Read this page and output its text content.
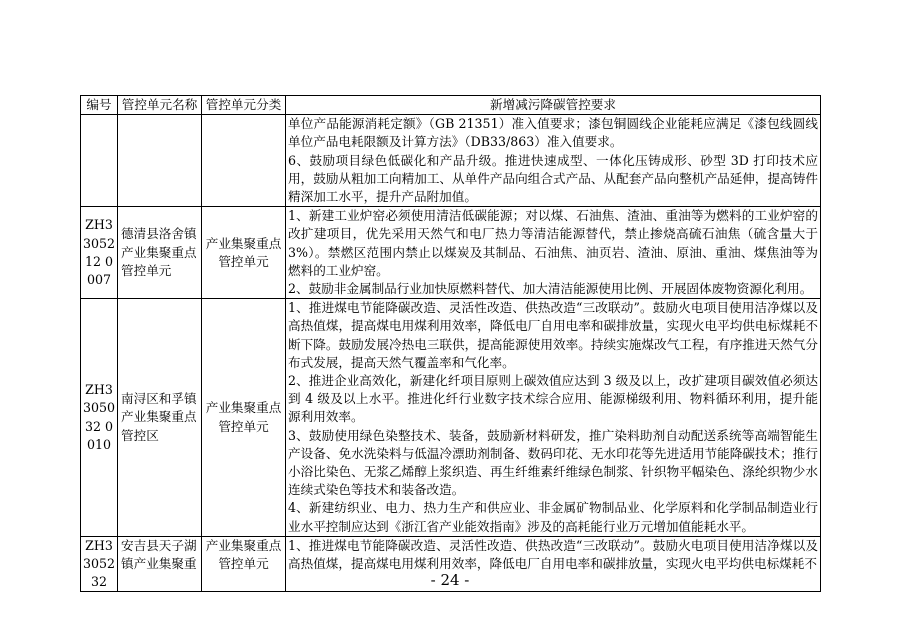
编号	管控单元名称	管控单元分类	新增减污降碳管控要求

			单位产品能源消耗定额》（GB 21351）准入值要求；漆包铜圆线企业能耗应满足《漆包线圆线单位产品电耗限额及计算方法》（DB33/863）准入值要求。
6、鼓励项目绿色低碳化和产品升级。推进快速成型、一体化压铸成形、砂型 3D 打印技术应用，鼓励从粗加工向精加工、从单件产品向组合式产品、从配套产品向整机产品延伸，提高铸件精深加工水平，提升产品附加值。

ZH3305212 0007	德清县洛舍镇产业集聚重点管控单元	产业集聚重点管控单元	1、新建工业炉窑必须使用清洁低碳能源；对以煤、石油焦、渣油、重油等为燃料的工业炉窑的改扩建项目，优先采用天然气和电厂热力等清洁能源替代，禁止掺烧高硫石油焦（硫含量大于 3%）。禁燃区范围内禁止以煤炭及其制品、石油焦、油页岩、渣油、原油、重油、煤焦油等为燃料的工业炉窑。
2、鼓励非金属制品行业加快原燃料替代、加大清洁能源使用比例、开展固体废物资源化利用。

ZH3305032 0010	南浔区和孚镇产业集聚重点管控区	产业集聚重点管控单元	1、推进煤电节能降碳改造、灵活性改造、供热改造“三改联动”。鼓励火电项目使用洁净煤以及高热值煤，提高煤电用煤利用效率，降低电厂自用电率和碳排放量，实现火电平均供电标煤耗不断下降。鼓励发展冷热电三联供，提高能源使用效率。持续实施煤改气工程，有序推进天然气分布式发展，提高天然气覆盖率和气化率。
2、推进企业高效化，新建化纤项目原则上碳效值应达到 3 级及以上，改扩建项目碳效值必须达到 4 级及以上水平。推进化纤行业数字技术综合应用、能源梯级利用、物料循环利用，提升能源利用效率。
3、鼓励使用绿色染整技术、装备，鼓励新材料研发，推广染料助剂自动配送系统等高端智能生产设备、免水洗染料与低温冷漂助剂制备、数码印花、无水印花等先进适用节能降碳技术；推行小浴比染色、无浆乙烯醇上浆织造、再生纤维素纤维绿色制浆、针织物平幅染色、涤纶织物少水连续式染色等技术和装备改造。
4、新建纺织业、电力、热力生产和供应业、非金属矿物制品业、化学原料和化学制品制造业行业水平控制应达到《浙江省产业能效指南》涉及的高耗能行业万元增加值能耗水平。

ZH3305232	安吉县天子湖镇产业集聚重	产业集聚重点管控单元	1、推进煤电节能降碳改造、灵活性改造、供热改造“三改联动”。鼓励火电项目使用洁净煤以及高热值煤，提高煤电用煤利用效率，降低电厂自用电率和碳排放量，实现火电平均供电标煤耗不
- 24 -
